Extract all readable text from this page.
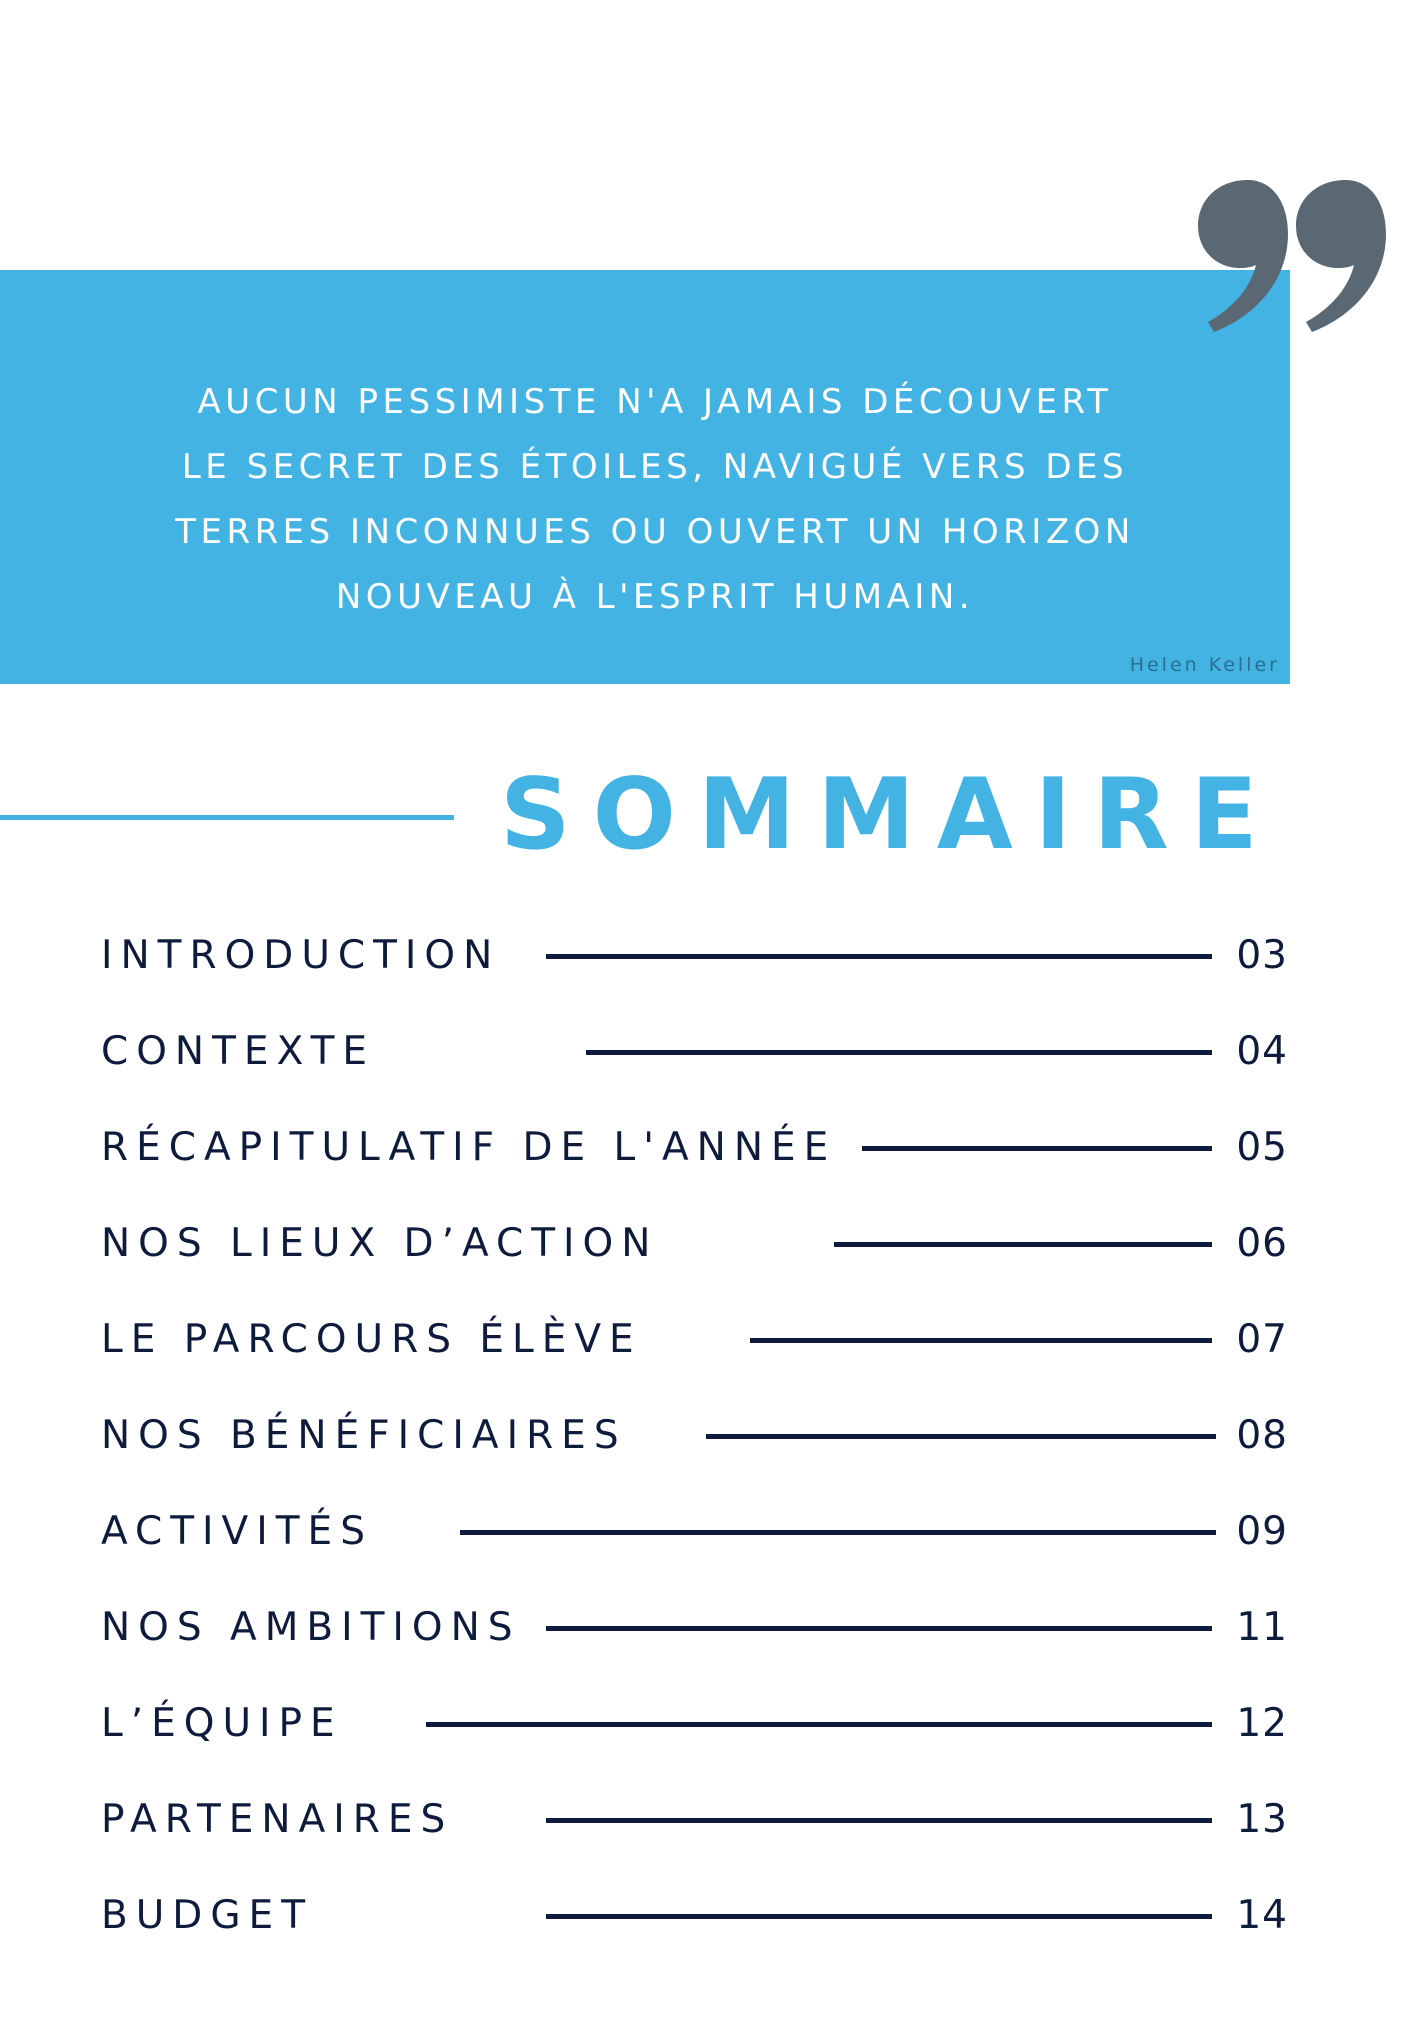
AUCUN PESSIMISTE N'A JAMAIS DÉCOUVERT
LE SECRET DES ÉTOILES, NAVIGUÉ VERS DES
TERRES INCONNUES OU OUVERT UN HORIZON
NOUVEAU À L'ESPRIT HUMAIN.
Helen Keller
SOMMAIRE
INTRODUCTION	03
CONTEXTE	04
RÉCAPITULATIF DE L'ANNÉE	05
NOS LIEUX D’ACTION	06
LE PARCOURS ÉLÈVE	07
NOS BÉNÉFICIAIRES	08
ACTIVITÉS	09
NOS AMBITIONS	11
L’ÉQUIPE	12
PARTENAIRES	13
BUDGET	14
